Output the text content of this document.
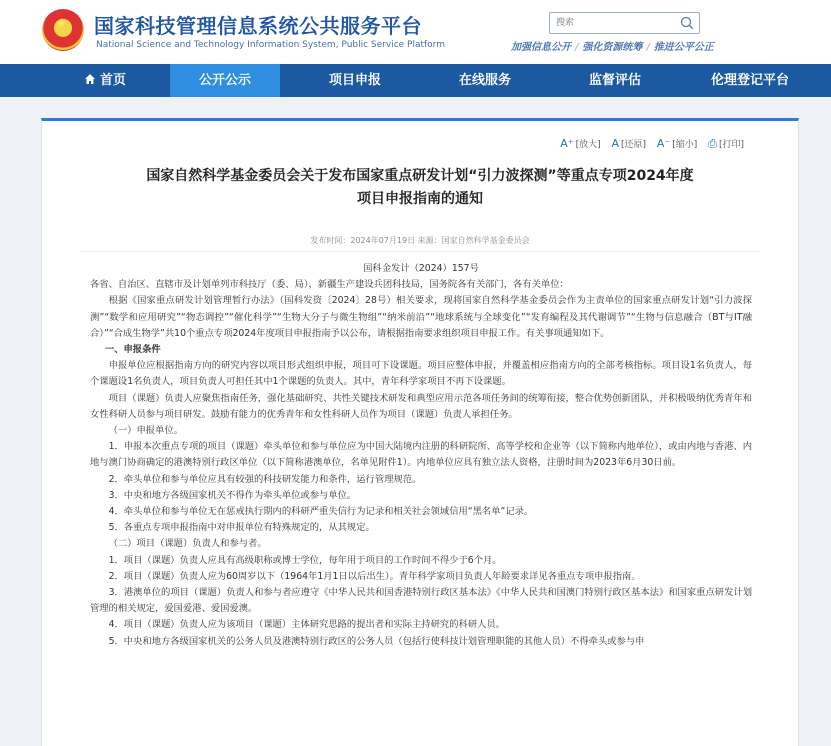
★ 国家科技管理信息系统公共服务平台
National Science and Technology Information System, Public Service Platform
搜索	加强信息公开 / 强化资源统筹 / 推进公平公正
首页	公开公示	项目申报	在线服务	监督评估	伦理登记平台
A⁺ [放大] A [还原] A⁻ [缩小] ⎙ [打印]
国家自然科学基金委员会关于发布国家重点研发计划“引力波探测”等重点专项2024年度
项目申报指南的通知
发布时间：2024年07月19日 来源：国家自然科学基金委员会

国科金发计（2024）157号

各省、自治区、直辖市及计划单列市科技厅（委、局），新疆生产建设兵团科技局，国务院各有关部门，各有关单位：

根据《国家重点研发计划管理暂行办法》（国科发资〔2024〕28号）相关要求，现将国家自然科学基金委员会作为主责单位的国家重点研发计划“引力波探测”“数学和应用研究”“物态调控”“催化科学”“生物大分子与微生物组”“纳米前沿”“地球系统与全球变化”“发育编程及其代谢调节”“生物与信息融合（BT与IT融合）”“合成生物学”共10个重点专项2024年度项目申报指南予以公布，请根据指南要求组织项目申报工作。有关事项通知如下。

一、申报条件

申报单位应根据指南方向的研究内容以项目形式组织申报，项目可下设课题。项目应整体申报，并覆盖相应指南方向的全部考核指标。项目设1名负责人，每个课题设1名负责人，项目负责人可担任其中1个课题的负责人。其中，青年科学家项目不再下设课题。

项目（课题）负责人应聚焦指南任务，强化基础研究、共性关键技术研发和典型应用示范各项任务间的统筹衔接，整合优势创新团队，并积极吸纳优秀青年和女性科研人员参与项目研发。鼓励有能力的优秀青年和女性科研人员作为项目（课题）负责人承担任务。

（一）申报单位。

1．申报本次重点专项的项目（课题）牵头单位和参与单位应为中国大陆境内注册的科研院所、高等学校和企业等（以下简称内地单位），或由内地与香港、内地与澳门协商确定的港澳特别行政区单位（以下简称港澳单位，名单见附件1）。内地单位应具有独立法人资格，注册时间为2023年6月30日前。

2．牵头单位和参与单位应具有较强的科技研发能力和条件，运行管理规范。

3．中央和地方各级国家机关不得作为牵头单位或参与单位。

4．牵头单位和参与单位无在惩戒执行期内的科研严重失信行为记录和相关社会领域信用“黑名单”记录。

5．各重点专项申报指南中对申报单位有特殊规定的，从其规定。

（二）项目（课题）负责人和参与者。

1．项目（课题）负责人应具有高级职称或博士学位，每年用于项目的工作时间不得少于6个月。

2．项目（课题）负责人应为60周岁以下（1964年1月1日以后出生）。青年科学家项目负责人年龄要求详见各重点专项申报指南。

3．港澳单位的项目（课题）负责人和参与者应遵守《中华人民共和国香港特别行政区基本法》《中华人民共和国澳门特别行政区基本法》和国家重点研发计划管理的相关规定，爱国爱港、爱国爱澳。

4．项目（课题）负责人应为该项目（课题）主体研究思路的提出者和实际主持研究的科研人员。

5．中央和地方各级国家机关的公务人员及港澳特别行政区的公务人员（包括行使科技计划管理职能的其他人员）不得牵头或参与申
